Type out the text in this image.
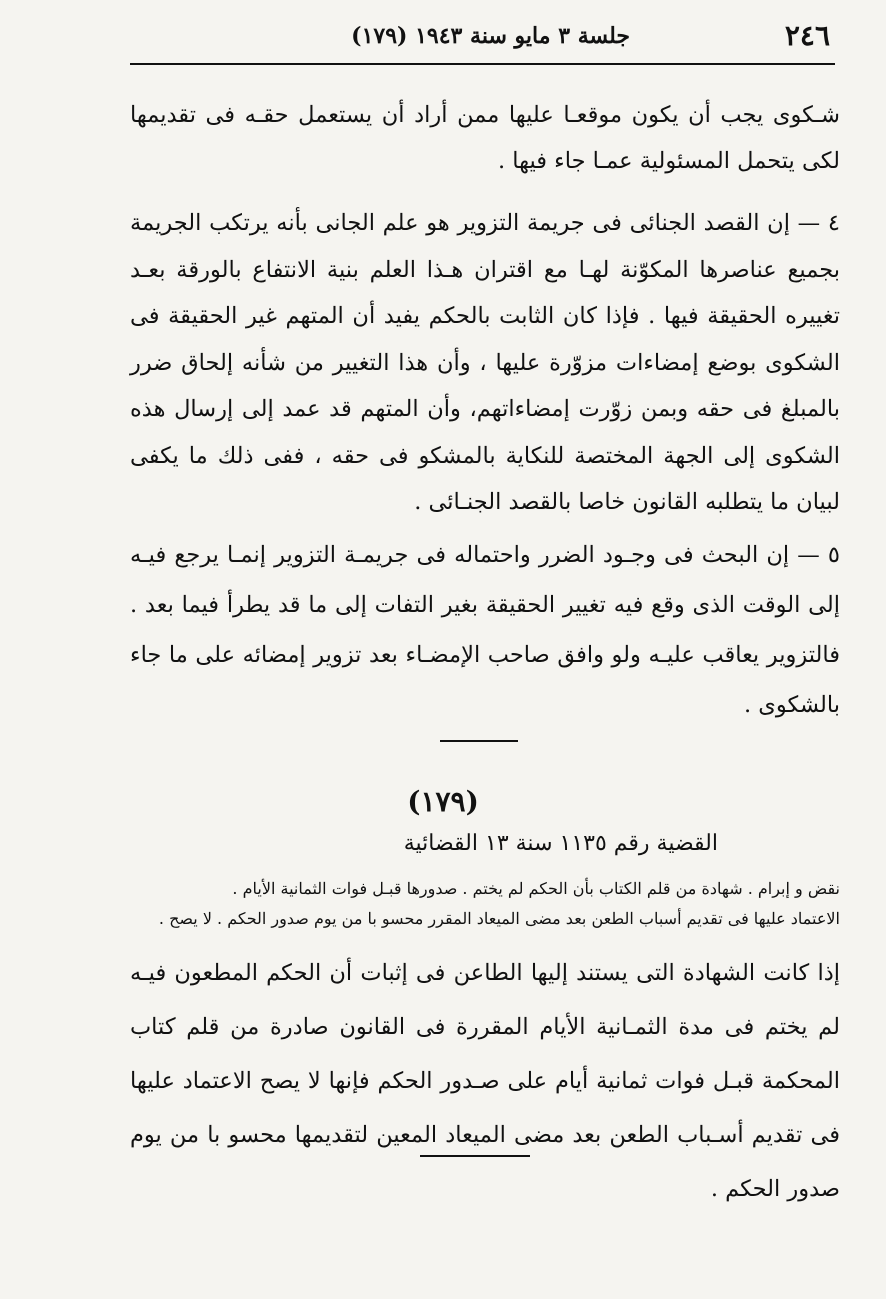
٢٤٦
جلسة ٣ مايو سنة ١٩٤٣ (١٧٩)

شـكوى يجب أن يكون موقعـا عليها ممن أراد أن يستعمل حقـه فى تقديمها لكى يتحمل المسئولية عمـا جاء فيها .

٤ — إن القصد الجنائى فى جريمة التزوير هو علم الجانى بأنه يرتكب الجريمة بجميع عناصرها المكوّنة لهـا مع اقتران هـذا العلم بنية الانتفاع بالورقة بعـد تغييره الحقيقة فيها . فإذا كان الثابت بالحكم يفيد أن المتهم غير الحقيقة فى الشكوى بوضع إمضاءات مزوّرة عليها ، وأن هذا التغيير من شأنه إلحاق ضرر بالمبلغ فى حقه وبمن زوّرت إمضاءاتهم، وأن المتهم قد عمد إلى إرسال هذه الشكوى إلى الجهة المختصة للنكاية بالمشكو فى حقه ، ففى ذلك ما يكفى لبيان ما يتطلبه القانون خاصا بالقصد الجنـائى .

٥ — إن البحث فى وجـود الضرر واحتماله فى جريمـة التزوير إنمـا يرجع فيـه إلى الوقت الذى وقع فيه تغيير الحقيقة بغير التفات إلى ما قد يطرأ فيما بعد . فالتزوير يعاقب عليـه ولو وافق صاحب الإمضـاء بعد تزوير إمضائه على ما جاء بالشكوى .

(١٧٩)
القضية رقم ١١٣٥ سنة ١٣ القضائية
نقض و إبرام . شهادة من قلم الكتاب بأن الحكم لم يختم . صدورها قبـل فوات الثمانية الأيام .
الاعتماد عليها فى تقديم أسباب الطعن بعد مضى الميعاد المقرر محسو با من يوم صدور الحكم . لا يصح .

إذا كانت الشهادة التى يستند إليها الطاعن فى إثبات أن الحكم المطعون فيـه لم يختم فى مدة الثمـانية الأيام المقررة فى القانون صادرة من قلم كتاب المحكمة قبـل فوات ثمانية أيام على صـدور الحكم فإنها لا يصح الاعتماد عليها فى تقديم أسـباب الطعن بعد مضى الميعاد المعين لتقديمها محسو با من يوم صدور الحكم .
